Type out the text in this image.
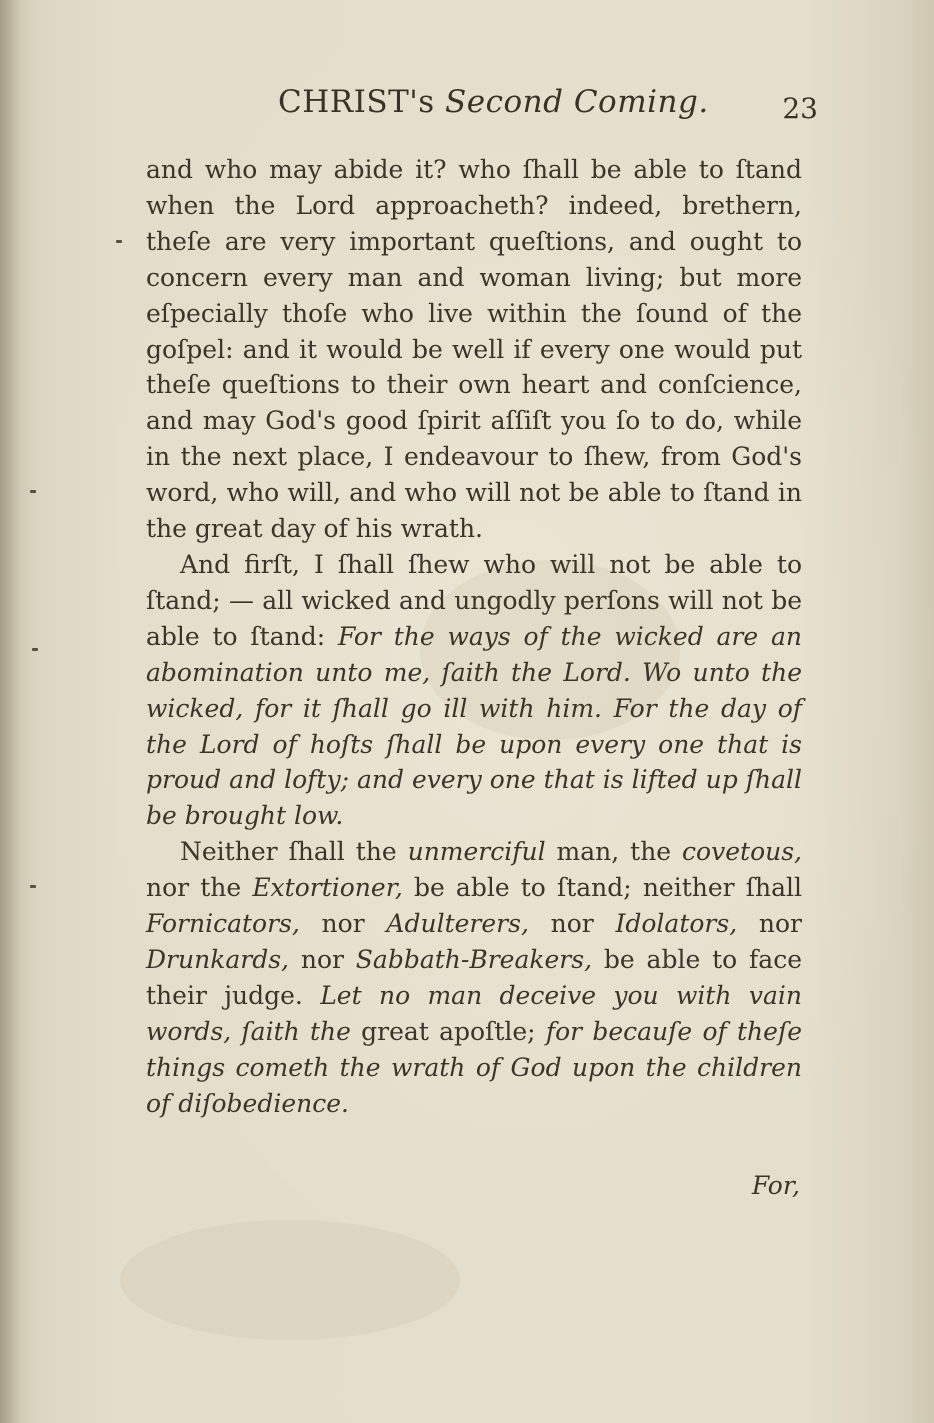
CHRIST's Second Coming.	23

and who may abide it? who ſhall be able to ſtand when the Lord approacheth? indeed, brethern, theſe are very important queſtions, and ought to concern every man and woman living; but more eſpecially thoſe who live within the ſound of the goſpel: and it would be well if every one would put theſe queſtions to their own heart and conſcience, and may God's good ſpirit aſſiſt you ſo to do, while in the next place, I endeavour to ſhew, from God's word, who will, and who will not be able to ſtand in the great day of his wrath.

And firſt, I ſhall ſhew who will not be able to ſtand; — all wicked and ungodly perſons will not be able to ſtand: For the ways of the wicked are an abomination unto me, ſaith the Lord. Wo unto the wicked, for it ſhall go ill with him. For the day of the Lord of hoſts ſhall be upon every one that is proud and lofty; and every one that is lifted up ſhall be brought low.

Neither ſhall the unmerciful man, the covetous, nor the Extortioner, be able to ſtand; neither ſhall Fornicators, nor Adulterers, nor Idolators, nor Drunkards, nor Sabbath-Breakers, be able to face their judge. Let no man deceive you with vain words, ſaith the great apoſtle; for becauſe of theſe things cometh the wrath of God upon the children of diſobedience.

For,
